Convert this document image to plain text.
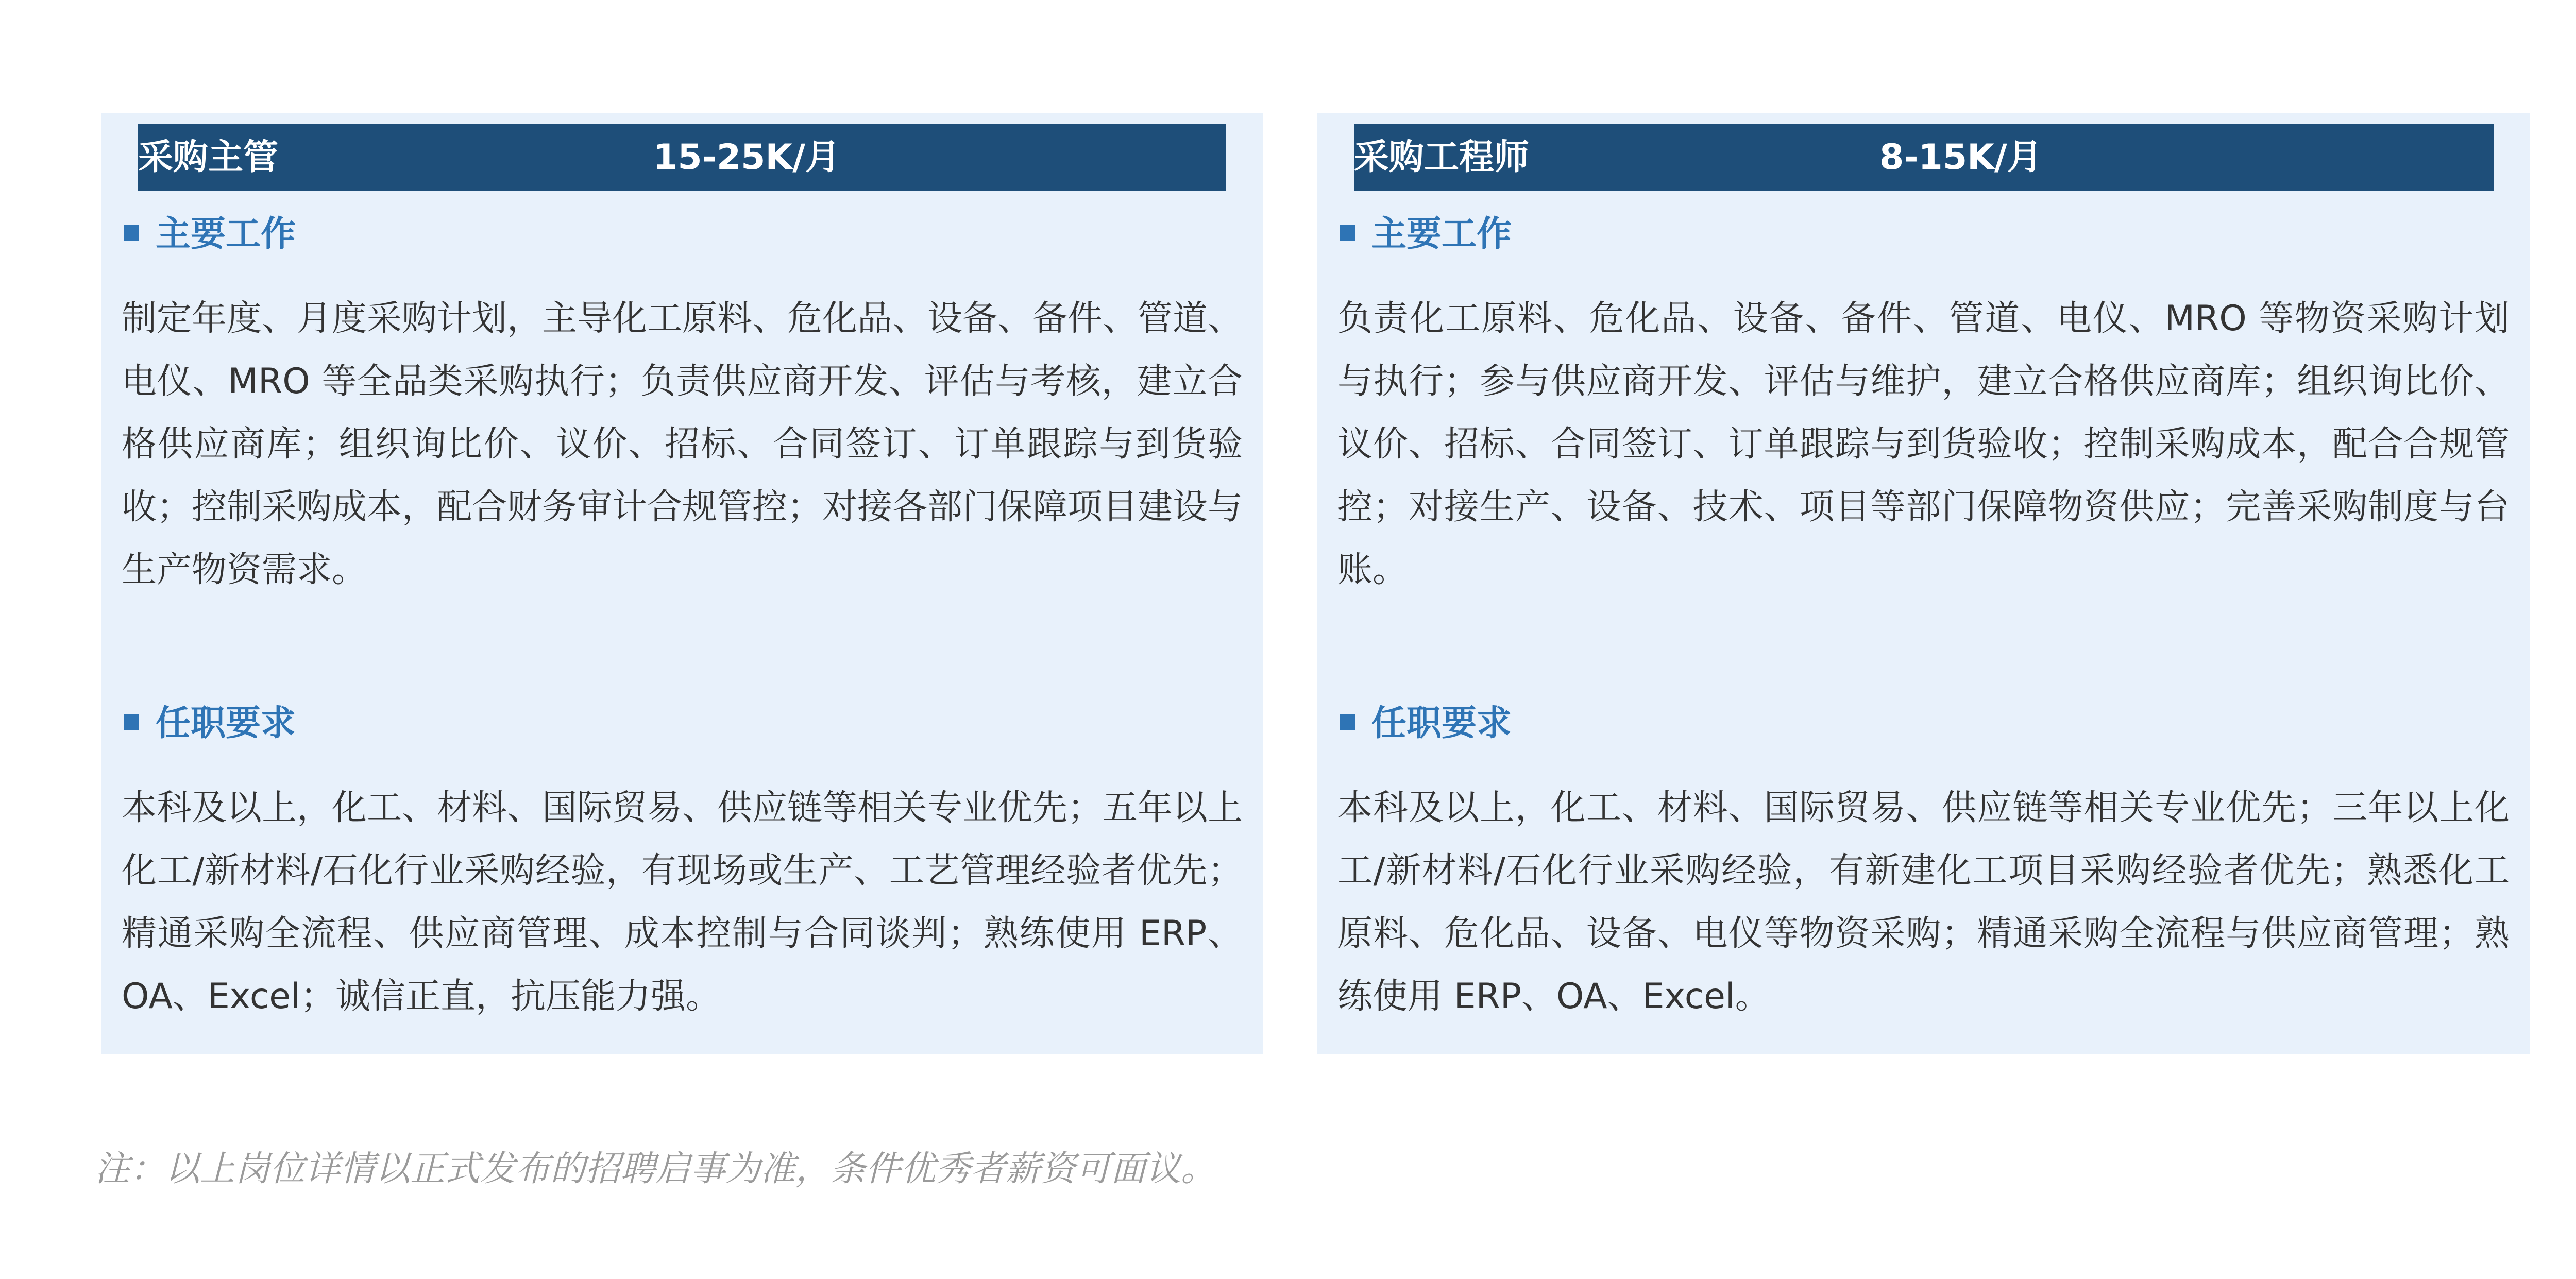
采购主管	15-25K/月
主要工作
制定年度、月度采购计划，主导化工原料、危化品、设备、备件、管道、电仪、MRO 等全品类采购执行；负责供应商开发、评估与考核，建立合格供应商库；组织询比价、议价、招标、合同签订、订单跟踪与到货验收；控制采购成本，配合财务审计合规管控；对接各部门保障项目建设与生产物资需求。
任职要求
本科及以上，化工、材料、国际贸易、供应链等相关专业优先；五年以上化工/新材料/石化行业采购经验，有现场或生产、工艺管理经验者优先；精通采购全流程、供应商管理、成本控制与合同谈判；熟练使用 ERP、OA、Excel；诚信正直，抗压能力强。
采购工程师	8-15K/月
主要工作
负责化工原料、危化品、设备、备件、管道、电仪、MRO 等物资采购计划与执行；参与供应商开发、评估与维护，建立合格供应商库；组织询比价、议价、招标、合同签订、订单跟踪与到货验收；控制采购成本，配合合规管控；对接生产、设备、技术、项目等部门保障物资供应；完善采购制度与台账。
任职要求
本科及以上，化工、材料、国际贸易、供应链等相关专业优先；三年以上化工/新材料/石化行业采购经验，有新建化工项目采购经验者优先；熟悉化工原料、危化品、设备、电仪等物资采购；精通采购全流程与供应商管理；熟练使用 ERP、OA、Excel。
注：以上岗位详情以正式发布的招聘启事为准，条件优秀者薪资可面议。
